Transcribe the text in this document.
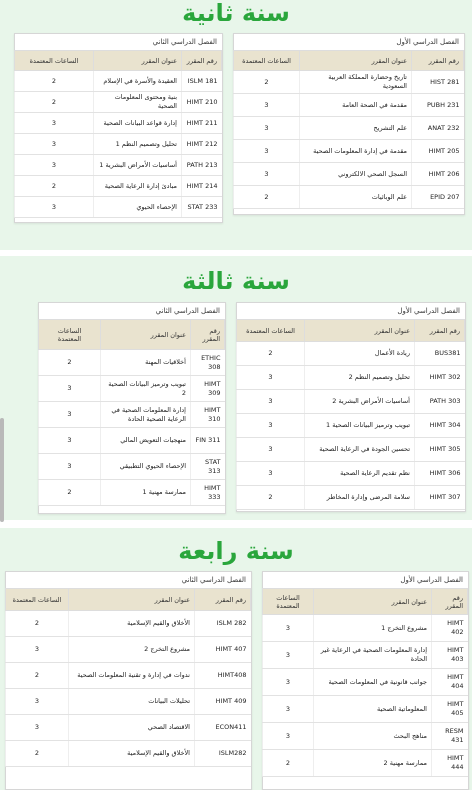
سنة ثانية
الفصل الدراسي الأول
رقم المقرر	عنوان المقرر	الساعات المعتمدة
HIST 281	تاريخ وحضارة المملكة العربية السعودية	2
PUBH 231	مقدمة في الصحة العامة	3
ANAT 232	علم التشريح	3
HIMT 205	مقدمة في إدارة المعلومات الصحية	3
HIMT 206	السجل الصحي الالكتروني	3
EPID 207	علم الوبائيات	2
الفصل الدراسي الثاني
رقم المقرر	عنوان المقرر	الساعات المعتمدة
ISLM 181	العقيدة والأسرة في الإسلام	2
HIMT 210	بنية ومحتوى المعلومات الصحية	2
HIMT 211	إدارة قواعد البيانات الصحية	3
HIMT 212	تحليل وتصميم النظم 1	3
PATH 213	أساسيات الأمراض البشرية 1	3
HIMT 214	مبادئ إدارة الرعاية الصحية	2
STAT 233	الإحصاء الحيوي	3
سنة ثالثة
الفصل الدراسي الأول
رقم المقرر	عنوان المقرر	الساعات المعتمدة
BUS381	ريادة الأعمال	2
HIMT 302	تحليل وتصميم النظم 2	3
PATH 303	أساسيات الأمراض البشرية 2	3
HIMT 304	تبويب وترميز البيانات الصحية 1	3
HIMT 305	تحسين الجودة في الرعاية الصحية	3
HIMT 306	نظم تقديم الرعاية الصحية	3
HIMT 307	سلامة المرضى وإدارة المخاطر	2
الفصل الدراسي الثاني
رقم
المقرر	عنوان المقرر	الساعات
المعتمدة
ETHIC 308	أخلاقيات المهنة	2
HIMT 309	تبويب وترميز البيانات الصحية 2	3
HIMT 310	إدارة المعلومات الصحية في الرعاية الصحية الحادة	3
FIN 311	منهجيات التعويض المالي	3
STAT 313	الإحصاء الحيوي التطبيقي	3
HIMT 333	ممارسة مهنية 1	2
سنة رابعة
الفصل الدراسي الأول
رقم المقرر	عنوان المقرر	الساعات
المعتمدة
HIMT 402	مشروع التخرج 1	3
HIMT 403	إدارة المعلومات الصحية في الرعاية غير الحادة	3
HIMT 404	جوانب قانونية في المعلومات الصحية	3
HIMT 405	المعلوماتية الصحية	3
RESM 431	مناهج البحث	3
HIMT 444	ممارسة مهنية 2	2
الفصل الدراسي الثاني
رقم المقرر	عنوان المقرر	الساعات المعتمدة
ISLM 282	الأخلاق والقيم الإسلامية	2
HIMT 407	مشروع التخرج 2	3
HIMT408	ندوات في إدارة و تقنية المعلومات الصحية	2
HIMT 409	تحليلات البيانات	3
ECON411	الاقتصاد الصحي	3
ISLM282	الأخلاق والقيم الإسلامية	2
